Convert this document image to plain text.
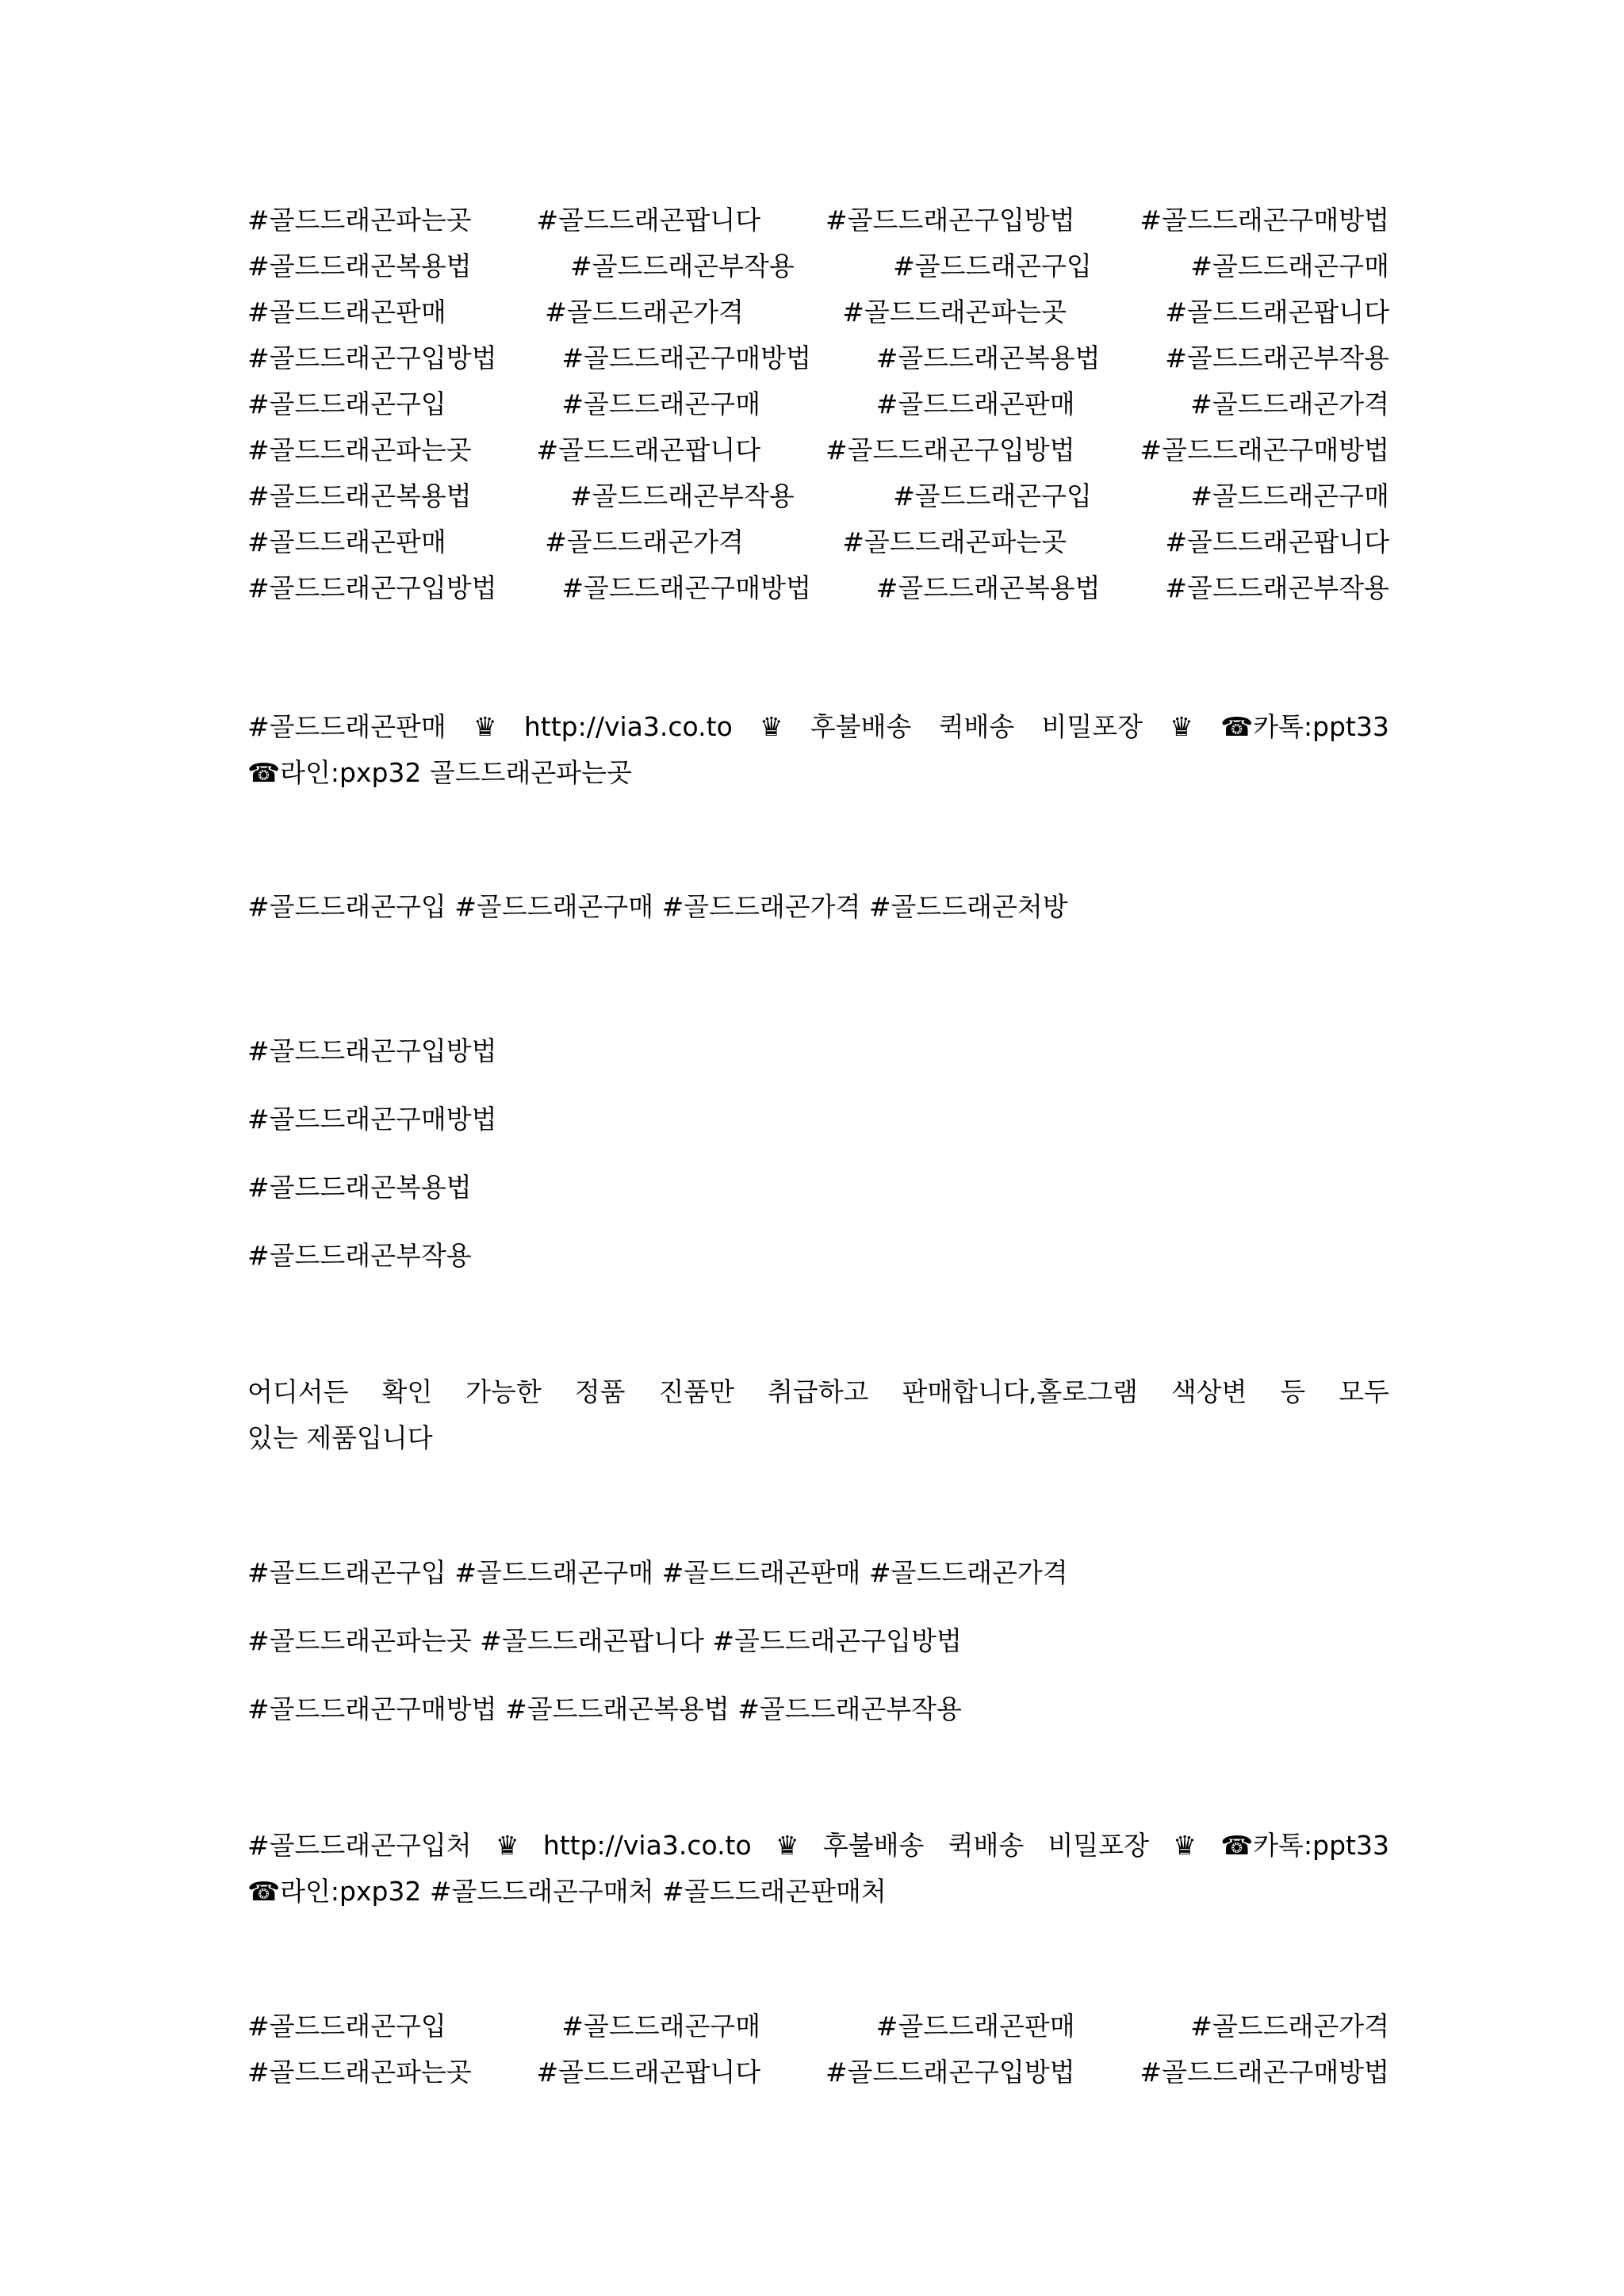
#골드드래곤파는곳 #골드드래곤팝니다 #골드드래곤구입방법 #골드드래곤구매방법
#골드드래곤복용법	#골드드래곤부작용	#골드드래곤구입	#골드드래곤구매
#골드드래곤판매	#골드드래곤가격	#골드드래곤파는곳	#골드드래곤팝니다
#골드드래곤구입방법 #골드드래곤구매방법 #골드드래곤복용법 #골드드래곤부작용
#골드드래곤구입	#골드드래곤구매	#골드드래곤판매	#골드드래곤가격
#골드드래곤파는곳 #골드드래곤팝니다 #골드드래곤구입방법 #골드드래곤구매방법
#골드드래곤복용법	#골드드래곤부작용	#골드드래곤구입	#골드드래곤구매
#골드드래곤판매	#골드드래곤가격	#골드드래곤파는곳	#골드드래곤팝니다
#골드드래곤구입방법 #골드드래곤구매방법 #골드드래곤복용법 #골드드래곤부작용
#골드드래곤판매 ♛ http://via3.co.to ♛ 후불배송 퀵배송 비밀포장 ♛ ☎카톡:ppt33
☎라인:pxp32 골드드래곤파는곳
#골드드래곤구입 #골드드래곤구매 #골드드래곤가격 #골드드래곤처방
#골드드래곤구입방법
#골드드래곤구매방법
#골드드래곤복용법
#골드드래곤부작용
어디서든 확인 가능한 정품 진품만 취급하고 판매합니다,홀로그램 색상변 등 모두
있는 제품입니다
#골드드래곤구입 #골드드래곤구매 #골드드래곤판매 #골드드래곤가격
#골드드래곤파는곳 #골드드래곤팝니다 #골드드래곤구입방법
#골드드래곤구매방법 #골드드래곤복용법 #골드드래곤부작용
#골드드래곤구입처 ♛ http://via3.co.to ♛ 후불배송 퀵배송 비밀포장 ♛ ☎카톡:ppt33
☎라인:pxp32 #골드드래곤구매처 #골드드래곤판매처
#골드드래곤구입	#골드드래곤구매	#골드드래곤판매	#골드드래곤가격
#골드드래곤파는곳 #골드드래곤팝니다 #골드드래곤구입방법 #골드드래곤구매방법
